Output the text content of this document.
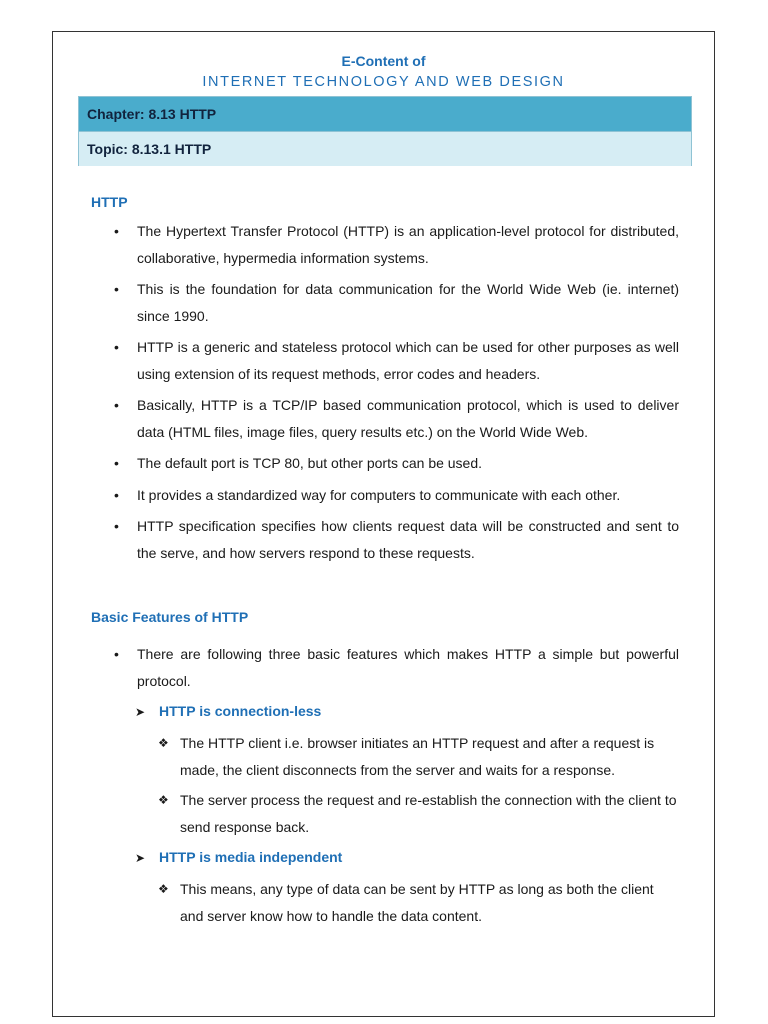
E-Content of
INTERNET TECHNOLOGY AND WEB DESIGN
Chapter: 8.13 HTTP
Topic: 8.13.1 HTTP
HTTP
• The Hypertext Transfer Protocol (HTTP) is an application-level protocol for distributed, collaborative, hypermedia information systems.
• This is the foundation for data communication for the World Wide Web (ie. internet) since 1990.
• HTTP is a generic and stateless protocol which can be used for other purposes as well using extension of its request methods, error codes and headers.
• Basically, HTTP is a TCP/IP based communication protocol, which is used to deliver data (HTML files, image files, query results etc.) on the World Wide Web.
• The default port is TCP 80, but other ports can be used.
• It provides a standardized way for computers to communicate with each other.
• HTTP specification specifies how clients request data will be constructed and sent to the serve, and how servers respond to these requests.
Basic Features of HTTP
• There are following three basic features which makes HTTP a simple but powerful protocol.
➤ HTTP is connection-less
❖ The HTTP client i.e. browser initiates an HTTP request and after a request is made, the client disconnects from the server and waits for a response.
❖ The server process the request and re-establish the connection with the client to send response back.
➤ HTTP is media independent
❖ This means, any type of data can be sent by HTTP as long as both the client and server know how to handle the data content.
